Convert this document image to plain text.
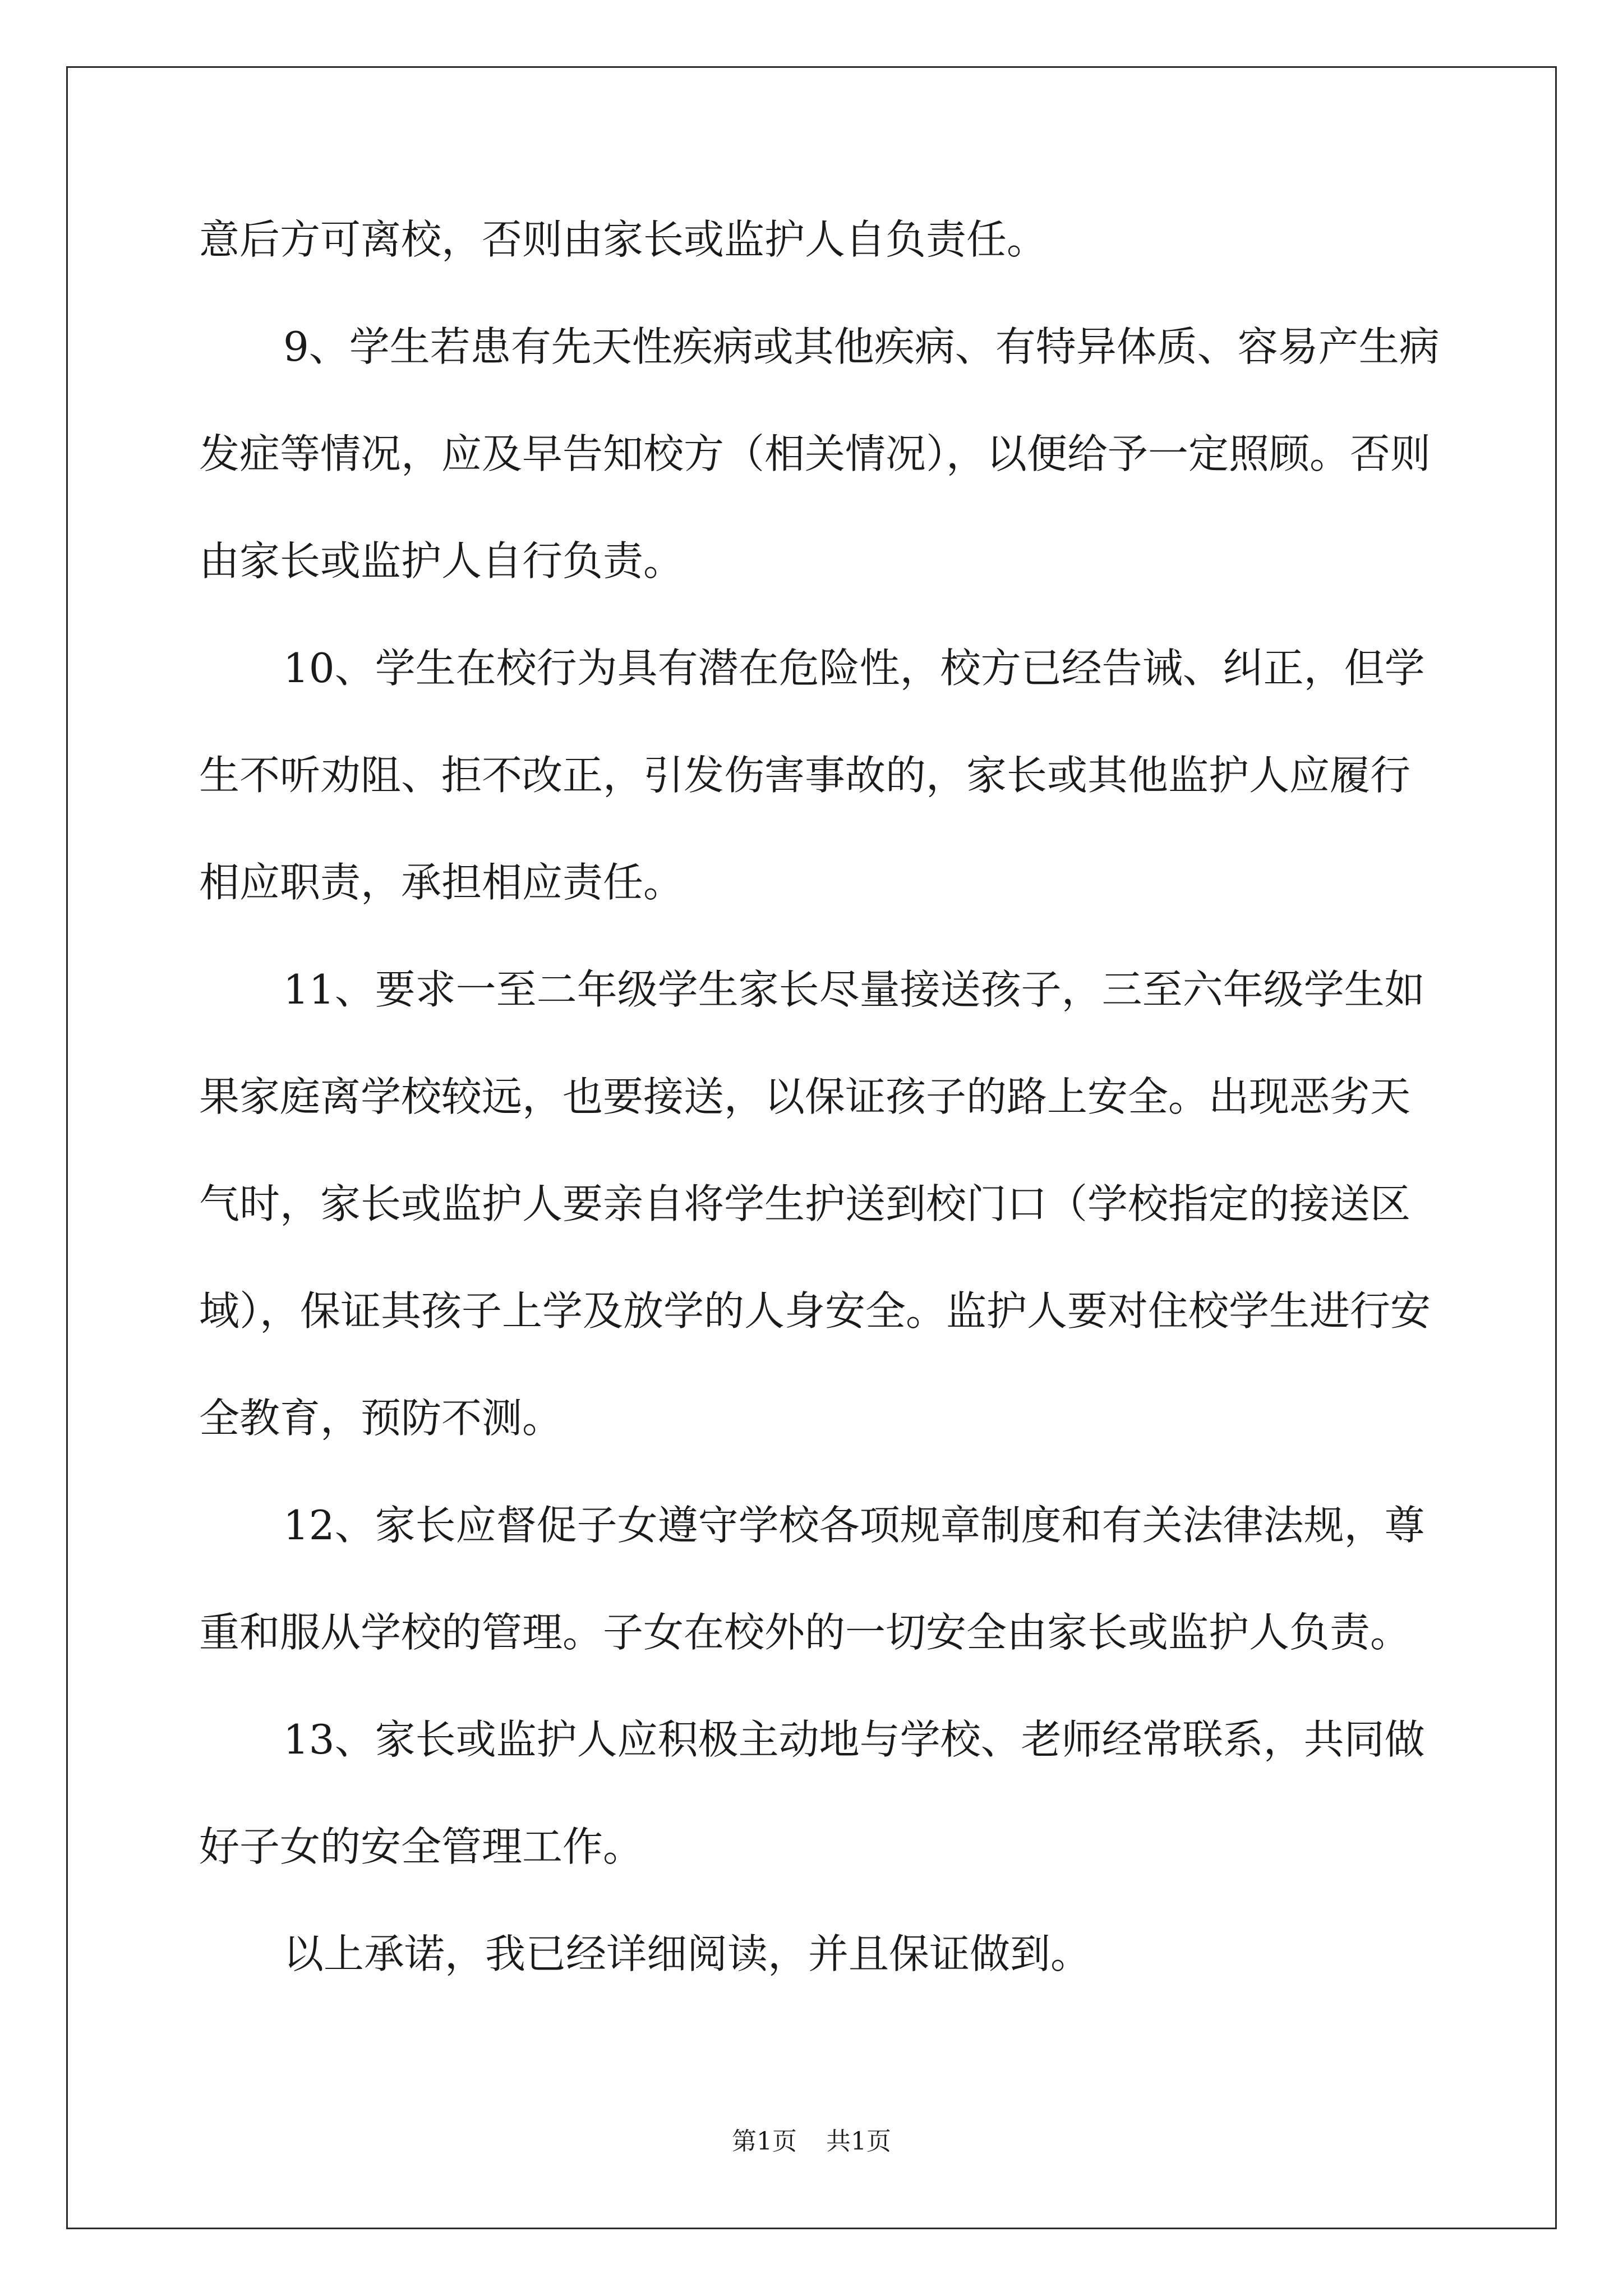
意后方可离校，否则由家长或监护人自负责任。
9、学生若患有先天性疾病或其他疾病、有特异体质、容易产生病
发症等情况，应及早告知校方（相关情况），以便给予一定照顾。否则
由家长或监护人自行负责。
10、学生在校行为具有潜在危险性，校方已经告诫、纠正，但学
生不听劝阻、拒不改正，引发伤害事故的，家长或其他监护人应履行
相应职责，承担相应责任。
11、要求一至二年级学生家长尽量接送孩子，三至六年级学生如
果家庭离学校较远，也要接送，以保证孩子的路上安全。出现恶劣天
气时，家长或监护人要亲自将学生护送到校门口（学校指定的接送区
域），保证其孩子上学及放学的人身安全。监护人要对住校学生进行安
全教育，预防不测。
12、家长应督促子女遵守学校各项规章制度和有关法律法规，尊
重和服从学校的管理。子女在校外的一切安全由家长或监护人负责。
13、家长或监护人应积极主动地与学校、老师经常联系，共同做
好子女的安全管理工作。
以上承诺，我已经详细阅读，并且保证做到。
第1页 共1页
